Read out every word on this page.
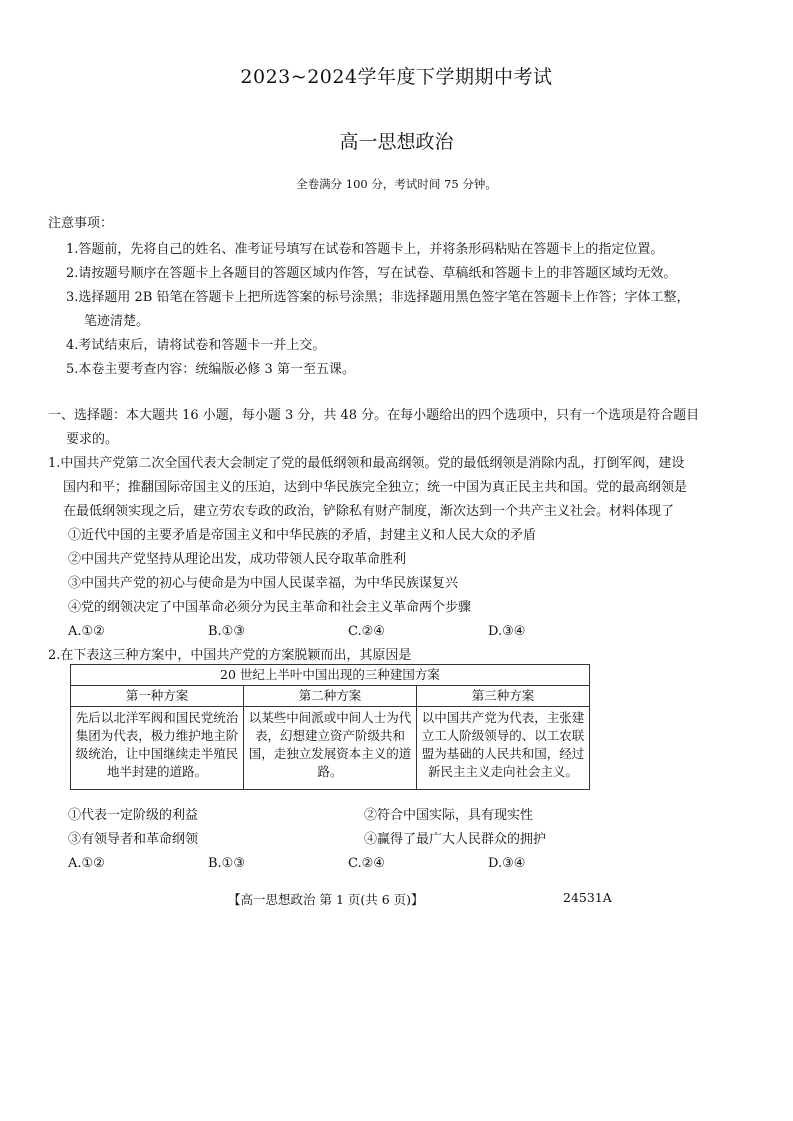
2023~2024学年度下学期期中考试
高一思想政治
全卷满分 100 分，考试时间 75 分钟。
注意事项：
1.答题前，先将自己的姓名、准考证号填写在试卷和答题卡上，并将条形码粘贴在答题卡上的指定位置。
2.请按题号顺序在答题卡上各题目的答题区域内作答，写在试卷、草稿纸和答题卡上的非答题区域均无效。
3.选择题用 2B 铅笔在答题卡上把所选答案的标号涂黑；非选择题用黑色签字笔在答题卡上作答；字体工整，
笔迹清楚。
4.考试结束后，请将试卷和答题卡一并上交。
5.本卷主要考查内容：统编版必修 3 第一至五课。
一、选择题：本大题共 16 小题，每小题 3 分，共 48 分。在每小题给出的四个选项中，只有一个选项是符合题目
要求的。
1.中国共产党第二次全国代表大会制定了党的最低纲领和最高纲领。党的最低纲领是消除内乱，打倒军阀，建设
国内和平；推翻国际帝国主义的压迫，达到中华民族完全独立；统一中国为真正民主共和国。党的最高纲领是
在最低纲领实现之后，建立劳农专政的政治，铲除私有财产制度，渐次达到一个共产主义社会。材料体现了
①近代中国的主要矛盾是帝国主义和中华民族的矛盾，封建主义和人民大众的矛盾
②中国共产党坚持从理论出发，成功带领人民夺取革命胜利
③中国共产党的初心与使命是为中国人民谋幸福，为中华民族谋复兴
④党的纲领决定了中国革命必须分为民主革命和社会主义革命两个步骤
A.①②	B.①③	C.②④	D.③④
2.在下表这三种方案中，中国共产党的方案脱颖而出，其原因是
20 世纪上半叶中国出现的三种建国方案		
第一种方案	第二种方案	第三种方案
先后以北洋军阀和国民党统治集团为代表，极力维护地主阶级统治，让中国继续走半殖民地半封建的道路。	以某些中间派或中间人士为代表，幻想建立资产阶级共和国，走独立发展资本主义的道路。	以中国共产党为代表，主张建立工人阶级领导的、以工农联盟为基础的人民共和国，经过新民主主义走向社会主义。
①代表一定阶级的利益	②符合中国实际，具有现实性
③有领导者和革命纲领	④赢得了最广大人民群众的拥护
A.①②	B.①③	C.②④	D.③④
【高一思想政治 第 1 页(共 6 页)】	24531A
